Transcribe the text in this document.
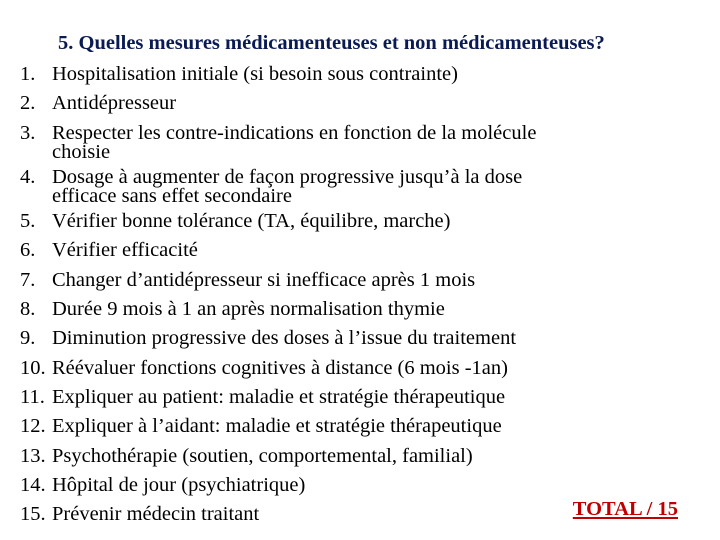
5. Quelles mesures médicamenteuses et non médicamenteuses?
1. Hospitalisation initiale (si besoin sous contrainte)
2. Antidépresseur
3. Respecter les contre-indications en fonction de la molécule
choisie
4. Dosage à augmenter de façon progressive jusqu’à la dose
efficace sans effet secondaire
5. Vérifier bonne tolérance (TA, équilibre, marche)
6. Vérifier efficacité
7. Changer d’antidépresseur si inefficace après 1 mois
8. Durée 9 mois à 1 an après normalisation thymie
9. Diminution progressive des doses à l’issue du traitement
10. Réévaluer fonctions cognitives à distance (6 mois -1an)
11. Expliquer au patient: maladie et stratégie thérapeutique
12. Expliquer à l’aidant: maladie et stratégie thérapeutique
13. Psychothérapie (soutien, comportemental, familial)
14. Hôpital de jour (psychiatrique)
15. Prévenir médecin traitant	TOTAL / 15
